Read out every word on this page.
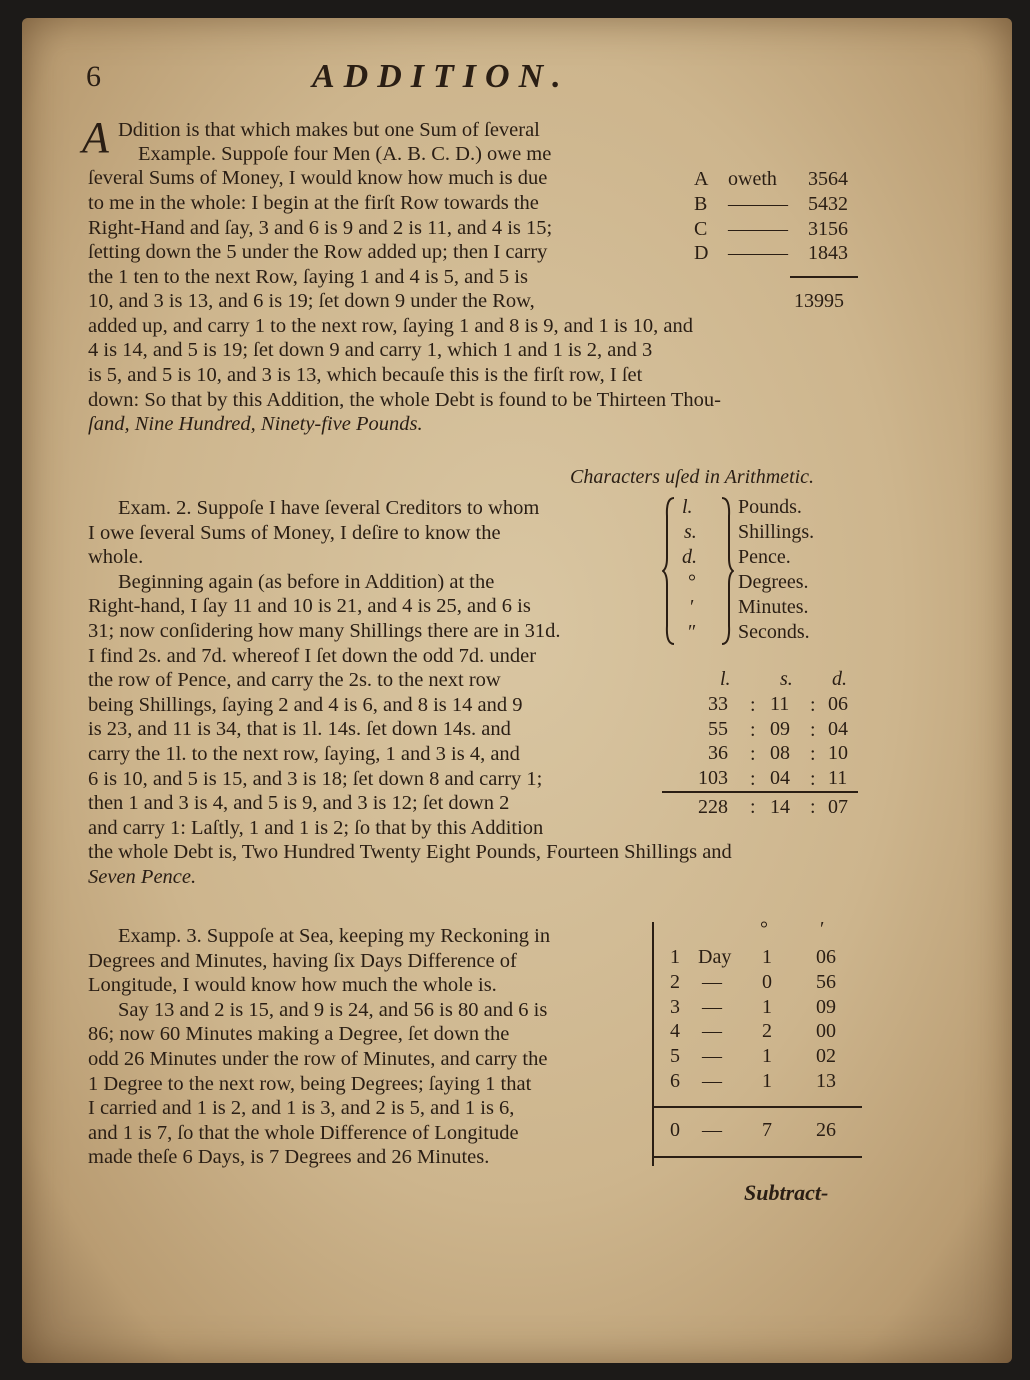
6	ADDITION.
A Ddition is that which makes but one Sum of ſeveral
Example. Suppoſe four Men (A. B. C. D.) owe me
ſeveral Sums of Money, I would know how much is due
to me in the whole: I begin at the firſt Row towards the
Right-Hand and ſay, 3 and 6 is 9 and 2 is 11, and 4 is 15;
ſetting down the 5 under the Row added up; then I carry
the 1 ten to the next Row, ſaying 1 and 4 is 5, and 5 is
10, and 3 is 13, and 6 is 19; ſet down 9 under the Row,
added up, and carry 1 to the next row, ſaying 1 and 8 is 9, and 1 is 10, and
4 is 14, and 5 is 19; ſet down 9 and carry 1, which 1 and 1 is 2, and 3
is 5, and 5 is 10, and 3 is 13, which becauſe this is the firſt row, I ſet
down: So that by this Addition, the whole Debt is found to be Thirteen Thou-
ſand, Nine Hundred, Ninety-five Pounds.
A oweth 3564
B ——— 5432
C ——— 3156
D ——— 1843
13995
Characters uſed in Arithmetic.
l. Pounds.
s. Shillings.
d. Pence.
° Degrees.
′ Minutes.
″ Seconds.
Exam. 2. Suppoſe I have ſeveral Creditors to whom
I owe ſeveral Sums of Money, I deſire to know the
whole.
Beginning again (as before in Addition) at the
Right-hand, I ſay 11 and 10 is 21, and 4 is 25, and 6 is
31; now conſidering how many Shillings there are in 31d.
I find 2s. and 7d. whereof I ſet down the odd 7d. under
the row of Pence, and carry the 2s. to the next row
being Shillings, ſaying 2 and 4 is 6, and 8 is 14 and 9
is 23, and 11 is 34, that is 1l. 14s. ſet down 14s. and
carry the 1l. to the next row, ſaying, 1 and 3 is 4, and
6 is 10, and 5 is 15, and 3 is 18; ſet down 8 and carry 1;
then 1 and 3 is 4, and 5 is 9, and 3 is 12; ſet down 2
and carry 1: Laſtly, 1 and 1 is 2; ſo that by this Addition
the whole Debt is, Two Hundred Twenty Eight Pounds, Fourteen Shillings and
Seven Pence.
l. s. d.
33 11 06
55 09 04
36 08 10
103 04 11
:
:
:
:
:
:
:
:
228 : 14 : 07
Examp. 3. Suppoſe at Sea, keeping my Reckoning in
Degrees and Minutes, having ſix Days Difference of
Longitude, I would know how much the whole is.
Say 13 and 2 is 15, and 9 is 24, and 56 is 80 and 6 is
86; now 60 Minutes making a Degree, ſet down the
odd 26 Minutes under the row of Minutes, and carry the
1 Degree to the next row, being Degrees; ſaying 1 that
I carried and 1 is 2, and 1 is 3, and 2 is 5, and 1 is 6,
and 1 is 7, ſo that the whole Difference of Longitude
made theſe 6 Days, is 7 Degrees and 26 Minutes.
°	′
1 Day 1 06
2 — 0 56
3 — 1 09
4 — 2 00
5 — 1 02
6 — 1 13
0 — 7 26
Subtract-
